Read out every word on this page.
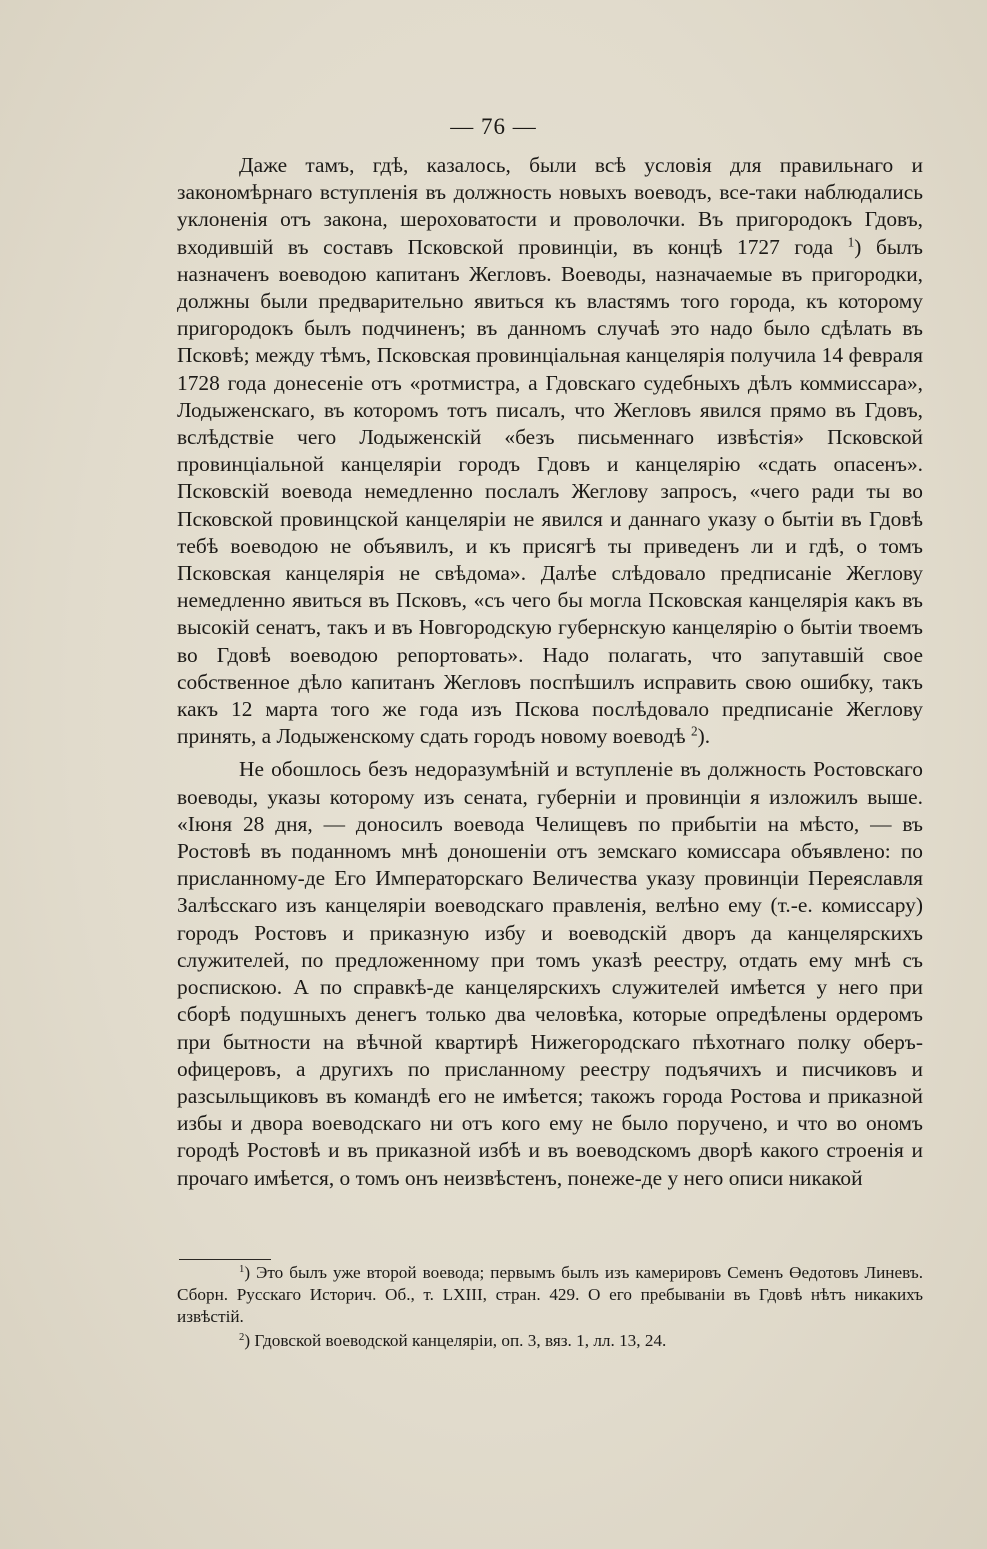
— 76 —

Даже тамъ, гдѣ, казалось, были всѣ условія для правильнаго и закономѣрнаго вступленія въ должность новыхъ воеводъ, все-таки наблюдались уклоненія отъ закона, шероховатости и проволочки. Въ пригородокъ Гдовъ, входившій въ составъ Псковской провинціи, въ концѣ 1727 года $^1$) былъ назначенъ воеводою капитанъ Жегловъ. Воеводы, назначаемые въ пригородки, должны были предварительно явиться къ властямъ того города, къ которому пригородокъ былъ подчиненъ; въ данномъ случаѣ это надо было сдѣлать въ Псковѣ; между тѣмъ, Псковская провинціальная канцелярія получила 14 февраля 1728 года донесеніе отъ «ротмистра, а Гдовскаго судебныхъ дѣлъ коммиссара», Лодыженскаго, въ которомъ тотъ писалъ, что Жегловъ явился прямо въ Гдовъ, вслѣдствіе чего Лодыженскій «безъ письменнаго извѣстія» Псковской провинціальной канцеляріи городъ Гдовъ и канцелярію «сдать опасенъ». Псковскій воевода немедленно послалъ Жеглову запросъ, «чего ради ты во Псковской провинцской канцеляріи не явился и даннаго указу о бытіи въ Гдовѣ тебѣ воеводою не объявилъ, и къ присягѣ ты приведенъ ли и гдѣ, о томъ Псковская канцелярія не свѣдома». Далѣе слѣдовало предписаніе Жеглову немедленно явиться въ Псковъ, «съ чего бы могла Псковская канцелярія какъ въ высокій сенатъ, такъ и въ Новгородскую губернскую канцелярію о бытіи твоемъ во Гдовѣ воеводою репортовать». Надо полагать, что запутавшій свое собственное дѣло капитанъ Жегловъ поспѣшилъ исправить свою ошибку, такъ какъ 12 марта того же года изъ Пскова послѣдовало предписаніе Жеглову принять, а Лодыженскому сдать городъ новому воеводѣ $^2$).

Не обошлось безъ недоразумѣній и вступленіе въ должность Ростовскаго воеводы, указы которому изъ сената, губерніи и провинціи я изложилъ выше. «Іюня 28 дня, — доносилъ воевода Челищевъ по прибытіи на мѣсто, — въ Ростовѣ въ поданномъ мнѣ доношеніи отъ земскаго комиссара объявлено: по присланному-де Его Императорскаго Величества указу провинціи Переяславля Залѣсскаго изъ канцеляріи воеводскаго правленія, велѣно ему (т.-е. комиссару) городъ Ростовъ и приказную избу и воеводскій дворъ да канцелярскихъ служителей, по предложенному при томъ указѣ реестру, отдать ему мнѣ съ роспискою. А по справкѣ-де канцелярскихъ служителей имѣется у него при сборѣ подушныхъ денегъ только два человѣка, которые опредѣлены ордеромъ при бытности на вѣчной квартирѣ Нижегородскаго пѣхотнаго полку оберъ-офицеровъ, а другихъ по присланному реестру подъячихъ и писчиковъ и разсыльщиковъ въ командѣ его не имѣется; такожъ города Ростова и приказной избы и двора воеводскаго ни отъ кого ему не было поручено, и что во ономъ городѣ Ростовѣ и въ приказной избѣ и въ воеводскомъ дворѣ какого строенія и прочаго имѣется, о томъ онъ неизвѣстенъ, понеже-де у него описи никакой

$^1$) Это былъ уже второй воевода; первымъ былъ изъ камерировъ Семенъ Өедотовъ Линевъ. Сборн. Русскаго Историч. Об., т. LXIII, стран. 429. О его пребываніи въ Гдовѣ нѣтъ никакихъ извѣстій.

$^2$) Гдовской воеводской канцеляріи, оп. 3, вяз. 1, лл. 13, 24.
